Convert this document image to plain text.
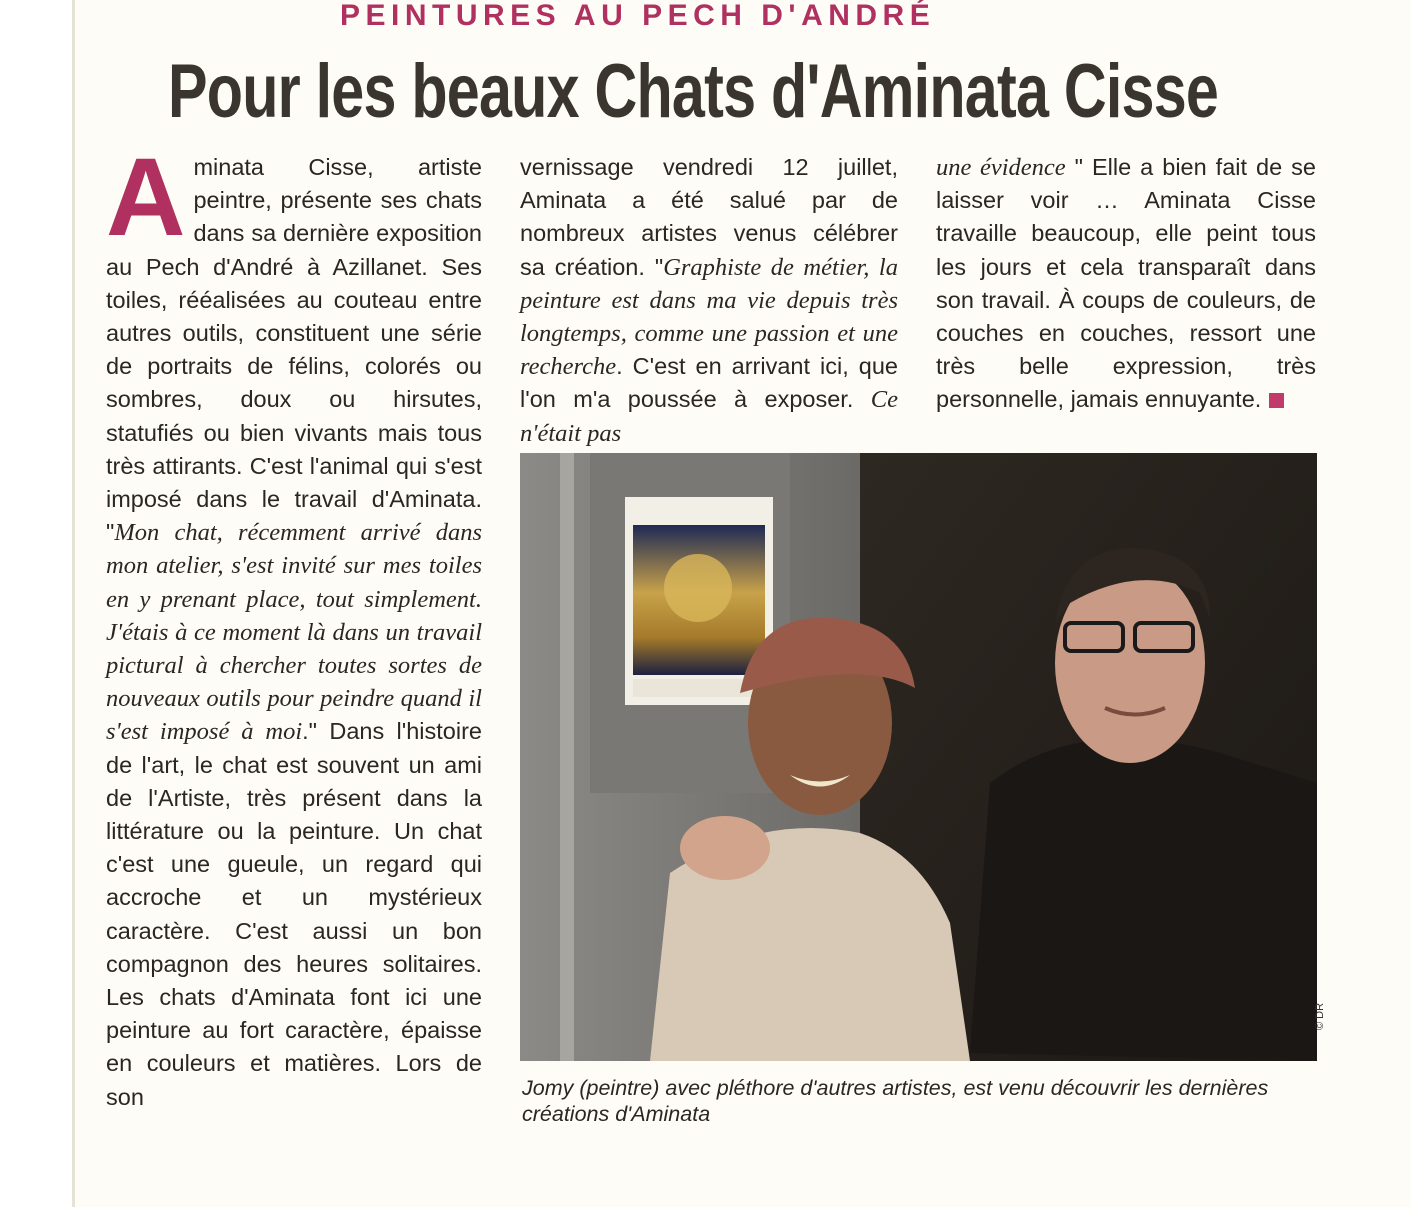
PEINTURES AU PECH D'ANDRÉ
Pour les beaux Chats d'Aminata Cisse
Aminata Cisse, artiste peintre, présente ses chats dans sa dernière exposition au Pech d'André à Azillanet. Ses toiles, rééalisées au couteau entre autres outils, constituent une série de portraits de félins, colorés ou sombres, doux ou hirsutes, statufiés ou bien vivants mais tous très attirants. C'est l'animal qui s'est imposé dans le travail d'Aminata. "Mon chat, récemment arrivé dans mon atelier, s'est invité sur mes toiles en y prenant place, tout simplement. J'étais à ce moment là dans un travail pictural à chercher toutes sortes de nouveaux outils pour peindre quand il s'est imposé à moi." Dans l'histoire de l'art, le chat est souvent un ami de l'Artiste, très présent dans la littérature ou la peinture. Un chat c'est une gueule, un regard qui accroche et un mystérieux caractère. C'est aussi un bon compagnon des heures solitaires. Les chats d'Aminata font ici une peinture au fort caractère, épaisse en couleurs et matières. Lors de son
vernissage vendredi 12 juillet, Aminata a été salué par de nombreux artistes venus célébrer sa création. "Graphiste de métier, la peinture est dans ma vie depuis très longtemps, comme une passion et une recherche. C'est en arrivant ici, que l'on m'a poussée à exposer. Ce n'était pas
une évidence " Elle a bien fait de se laisser voir … Aminata Cisse travaille beaucoup, elle peint tous les jours et cela transparaît dans son travail. À coups de couleurs, de couches en couches, ressort une très belle expression, très personnelle, jamais ennuyante.
© DR
Jomy (peintre) avec pléthore d'autres artistes, est venu découvrir les dernières créations d'Aminata
